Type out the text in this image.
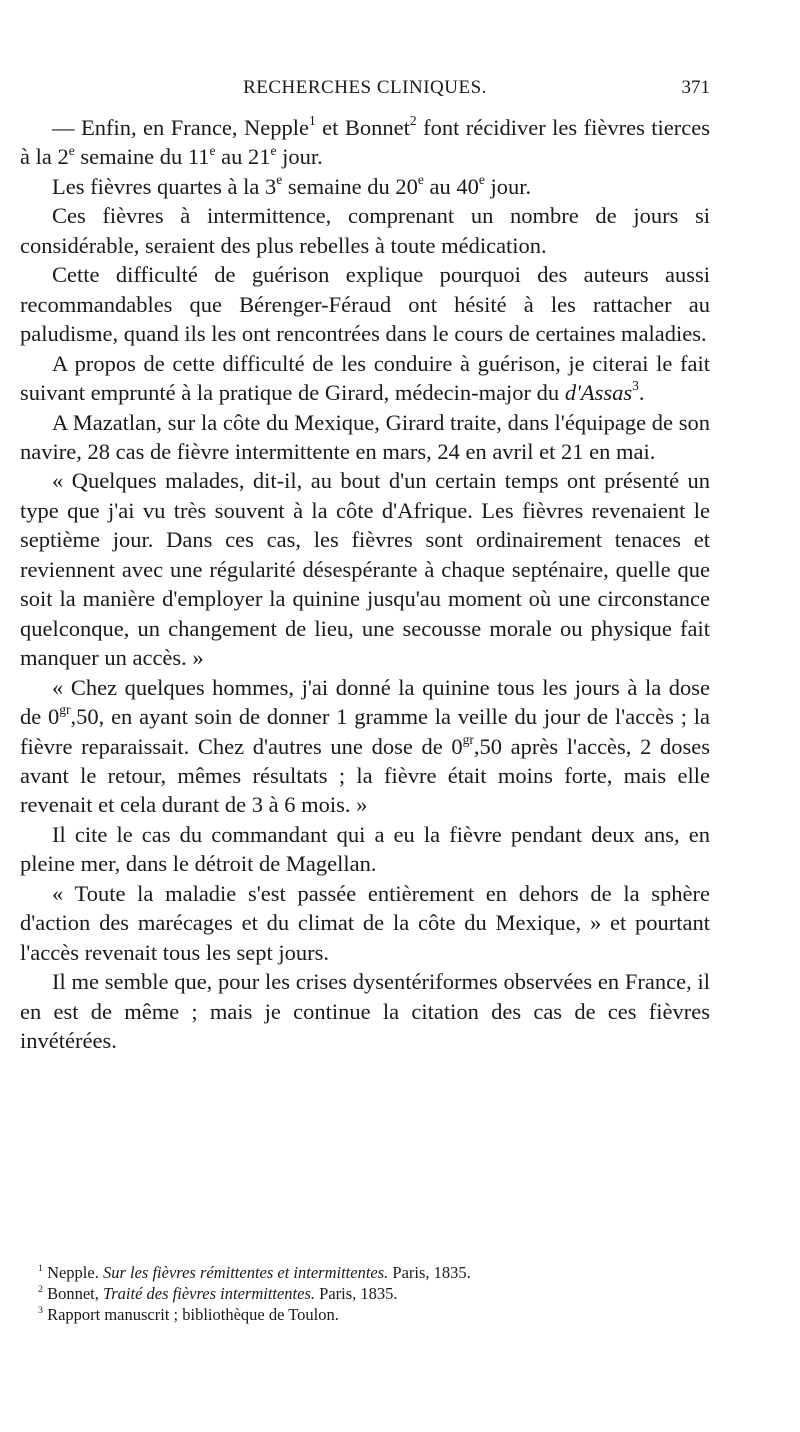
RECHERCHES CLINIQUES.	371

— Enfin, en France, Nepple$^1$ et Bonnet$^2$ font récidiver les fièvres tierces à la 2e semaine du 11e au 21e jour.

Les fièvres quartes à la 3e semaine du 20e au 40e jour.

Ces fièvres à intermittence, comprenant un nombre de jours si considérable, seraient des plus rebelles à toute médication.

Cette difficulté de guérison explique pourquoi des auteurs aussi recommandables que Bérenger-Féraud ont hésité à les rattacher au paludisme, quand ils les ont rencontrées dans le cours de certaines maladies.

A propos de cette difficulté de les conduire à guérison, je citerai le fait suivant emprunté à la pratique de Girard, médecin-major du d'Assas$^3$.

A Mazatlan, sur la côte du Mexique, Girard traite, dans l'équipage de son navire, 28 cas de fièvre intermittente en mars, 24 en avril et 21 en mai.

« Quelques malades, dit-il, au bout d'un certain temps ont présenté un type que j'ai vu très souvent à la côte d'Afrique. Les fièvres revenaient le septième jour. Dans ces cas, les fièvres sont ordinairement tenaces et reviennent avec une régularité désespérante à chaque septénaire, quelle que soit la manière d'employer la quinine jusqu'au moment où une circonstance quelconque, un changement de lieu, une secousse morale ou physique fait manquer un accès. »

« Chez quelques hommes, j'ai donné la quinine tous les jours à la dose de $0^{gr},50$, en ayant soin de donner 1 gramme la veille du jour de l'accès ; la fièvre reparaissait. Chez d'autres une dose de $0^{gr},50$ après l'accès, 2 doses avant le retour, mêmes résultats ; la fièvre était moins forte, mais elle revenait et cela durant de 3 à 6 mois. »

Il cite le cas du commandant qui a eu la fièvre pendant deux ans, en pleine mer, dans le détroit de Magellan.

« Toute la maladie s'est passée entièrement en dehors de la sphère d'action des marécages et du climat de la côte du Mexique, » et pourtant l'accès revenait tous les sept jours.

Il me semble que, pour les crises dysentériformes observées en France, il en est de même ; mais je continue la citation des cas de ces fièvres invétérées.

$^1$ Nepple. Sur les fièvres rémittentes et intermittentes. Paris, 1835.

$^2$ Bonnet, Traité des fièvres intermittentes. Paris, 1835.

$^3$ Rapport manuscrit ; bibliothèque de Toulon.
